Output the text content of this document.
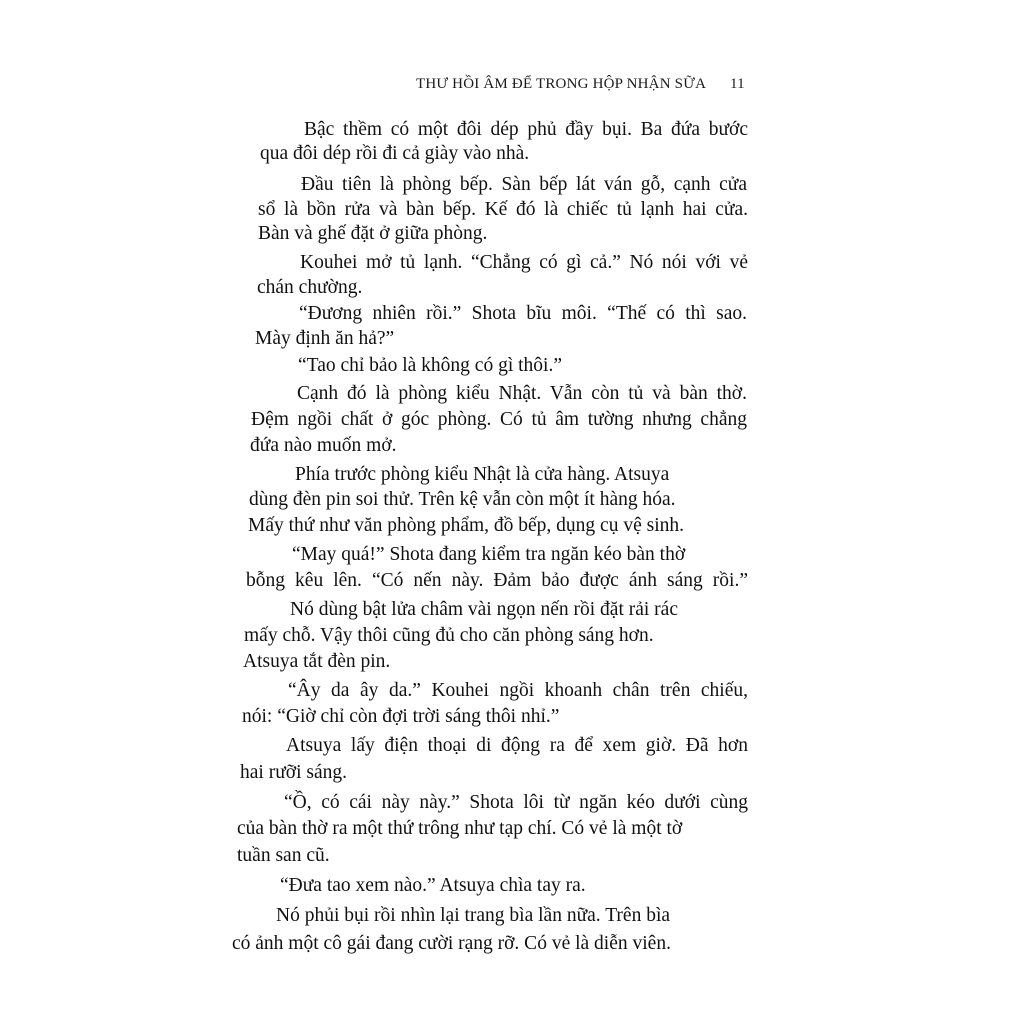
THƯ HỒI ÂM ĐỂ TRONG HỘP NHẬN SỮA 11
Bậc thềm có một đôi dép phủ đầy bụi. Ba đứa bước
qua đôi dép rồi đi cả giày vào nhà.
Đầu tiên là phòng bếp. Sàn bếp lát ván gỗ, cạnh cửa
sổ là bồn rửa và bàn bếp. Kế đó là chiếc tủ lạnh hai cửa.
Bàn và ghế đặt ở giữa phòng.
Kouhei mở tủ lạnh. “Chẳng có gì cả.” Nó nói với vẻ
chán chường.
“Đương nhiên rồi.” Shota bĩu môi. “Thế có thì sao.
Mày định ăn hả?”
“Tao chỉ bảo là không có gì thôi.”
Cạnh đó là phòng kiểu Nhật. Vẫn còn tủ và bàn thờ.
Đệm ngồi chất ở góc phòng. Có tủ âm tường nhưng chẳng
đứa nào muốn mở.
Phía trước phòng kiểu Nhật là cửa hàng. Atsuya
dùng đèn pin soi thử. Trên kệ vẫn còn một ít hàng hóa.
Mấy thứ như văn phòng phẩm, đồ bếp, dụng cụ vệ sinh.
“May quá!” Shota đang kiểm tra ngăn kéo bàn thờ
bỗng kêu lên. “Có nến này. Đảm bảo được ánh sáng rồi.”
Nó dùng bật lửa châm vài ngọn nến rồi đặt rải rác
mấy chỗ. Vậy thôi cũng đủ cho căn phòng sáng hơn.
Atsuya tắt đèn pin.
“Ây da ây da.” Kouhei ngồi khoanh chân trên chiếu,
nói: “Giờ chỉ còn đợi trời sáng thôi nhỉ.”
Atsuya lấy điện thoại di động ra để xem giờ. Đã hơn
hai rưỡi sáng.
“Ồ, có cái này này.” Shota lôi từ ngăn kéo dưới cùng
của bàn thờ ra một thứ trông như tạp chí. Có vẻ là một tờ
tuần san cũ.
“Đưa tao xem nào.” Atsuya chìa tay ra.
Nó phủi bụi rồi nhìn lại trang bìa lần nữa. Trên bìa
có ảnh một cô gái đang cười rạng rỡ. Có vẻ là diễn viên.
